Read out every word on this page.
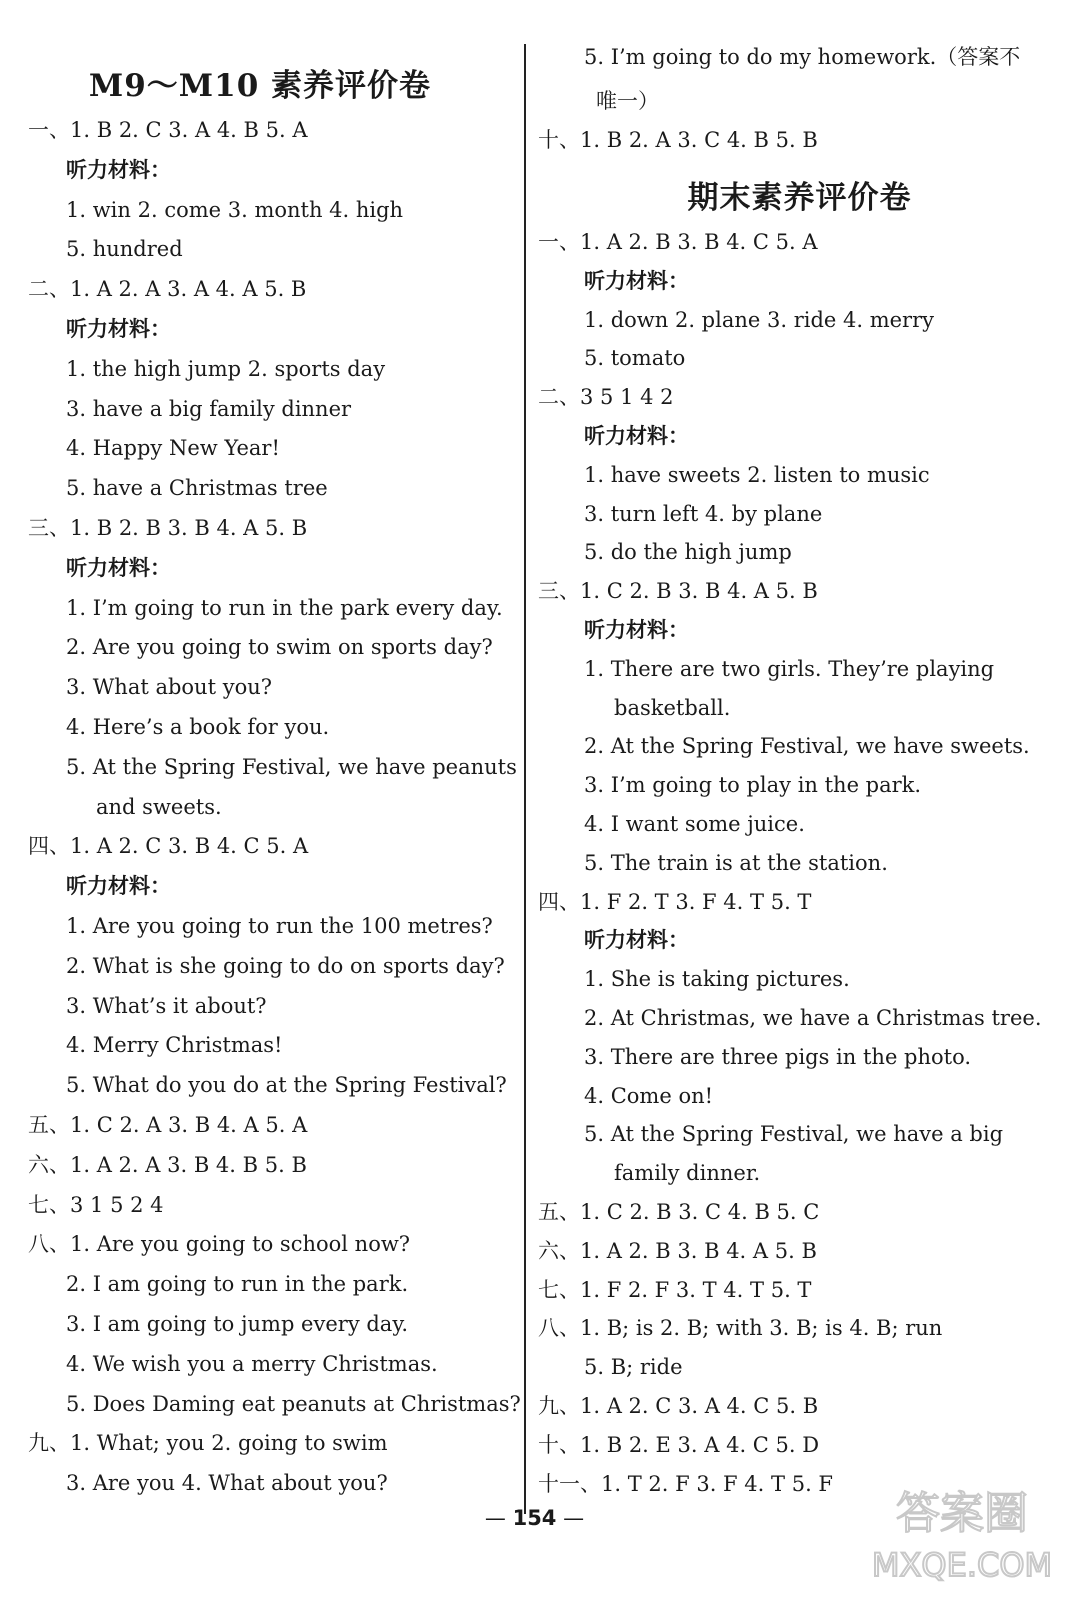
M9～M10 素养评价卷
一、1. B 2. C 3. A 4. B 5. A
听力材料：
1. win 2. come 3. month 4. high
5. hundred
二、1. A 2. A 3. A 4. A 5. B
听力材料：
1. the high jump 2. sports day
3. have a big family dinner
4. Happy New Year!
5. have a Christmas tree
三、1. B 2. B 3. B 4. A 5. B
听力材料：
1. I’m going to run in the park every day.
2. Are you going to swim on sports day?
3. What about you?
4. Here’s a book for you.
5. At the Spring Festival, we have peanuts
and sweets.
四、1. A 2. C 3. B 4. C 5. A
听力材料：
1. Are you going to run the 100 metres?
2. What is she going to do on sports day?
3. What’s it about?
4. Merry Christmas!
5. What do you do at the Spring Festival?
五、1. C 2. A 3. B 4. A 5. A
六、1. A 2. A 3. B 4. B 5. B
七、3 1 5 2 4
八、1. Are you going to school now?
2. I am going to run in the park.
3. I am going to jump every day.
4. We wish you a merry Christmas.
5. Does Daming eat peanuts at Christmas?
九、1. What; you 2. going to swim
3. Are you 4. What about you?
5. I’m going to do my homework.（答案不
唯一）
十、1. B 2. A 3. C 4. B 5. B
期末素养评价卷
一、1. A 2. B 3. B 4. C 5. A
听力材料：
1. down 2. plane 3. ride 4. merry
5. tomato
二、3 5 1 4 2
听力材料：
1. have sweets 2. listen to music
3. turn left 4. by plane
5. do the high jump
三、1. C 2. B 3. B 4. A 5. B
听力材料：
1. There are two girls. They’re playing
basketball.
2. At the Spring Festival, we have sweets.
3. I’m going to play in the park.
4. I want some juice.
5. The train is at the station.
四、1. F 2. T 3. F 4. T 5. T
听力材料：
1. She is taking pictures.
2. At Christmas, we have a Christmas tree.
3. There are three pigs in the photo.
4. Come on!
5. At the Spring Festival, we have a big
family dinner.
五、1. C 2. B 3. C 4. B 5. C
六、1. A 2. B 3. B 4. A 5. B
七、1. F 2. F 3. T 4. T 5. T
八、1. B; is 2. B; with 3. B; is 4. B; run
5. B; ride
九、1. A 2. C 3. A 4. C 5. B
十、1. B 2. E 3. A 4. C 5. D
十一、1. T 2. F 3. F 4. T 5. F
— 154 —	答案圈
MXQE.COM
